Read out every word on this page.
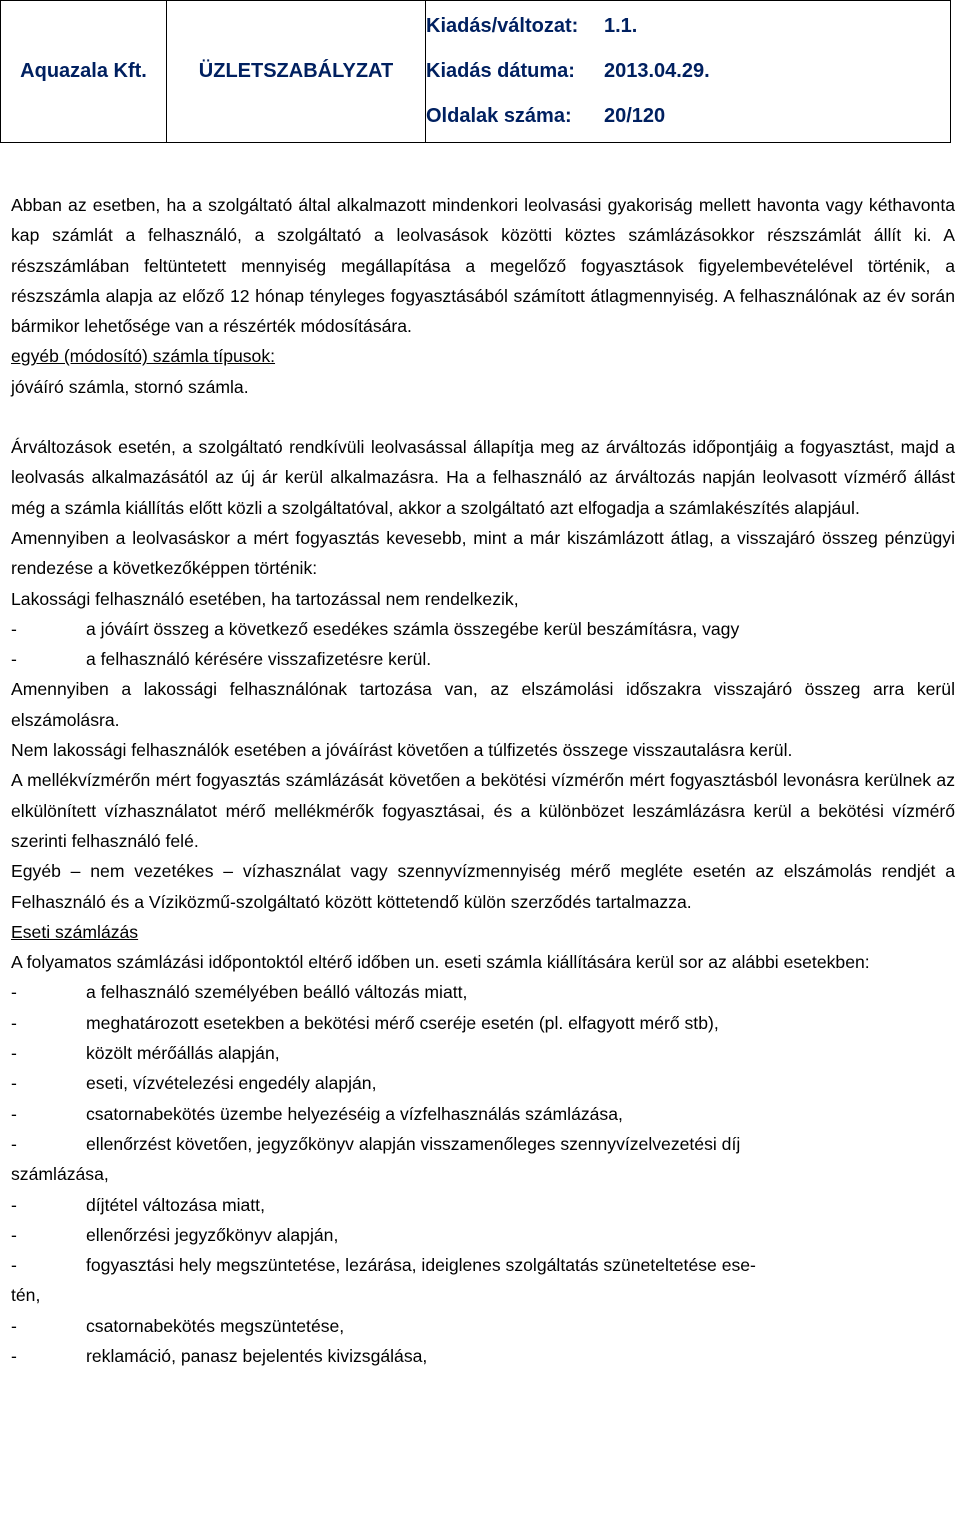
Aquazala Kft.	ÜZLETSZABÁLYZAT	
Kiadás/változat: 1.1.
Kiadás dátuma: 2013.04.29.
Oldalak száma: 20/120

Abban az esetben, ha a szolgáltató által alkalmazott mindenkori leolvasási gyakoriság mellett havonta vagy kéthavonta kap számlát a felhasználó, a szolgáltató a leolvasások közötti köztes számlázásokkor részszámlát állít ki. A részszámlában feltüntetett mennyiség megállapítása a megelőző fogyasztások figyelembevételével történik, a részszámla alapja az előző 12 hónap tényleges fogyasztásából számított átlagmennyiség. A felhasználónak az év során bármikor lehetősége van a részérték módosítására.

egyéb (módosító) számla típusok:

jóváíró számla, stornó számla.

Árváltozások esetén, a szolgáltató rendkívüli leolvasással állapítja meg az árváltozás időpontjáig a fogyasztást, majd a leolvasás alkalmazásától az új ár kerül alkalmazásra. Ha a felhasználó az árváltozás napján leolvasott vízmérő állást még a számla kiállítás előtt közli a szolgáltatóval, akkor a szolgáltató azt elfogadja a számlakészítés alapjául.

Amennyiben a leolvasáskor a mért fogyasztás kevesebb, mint a már kiszámlázott átlag, a visszajáró összeg pénzügyi rendezése a következőképpen történik:

Lakossági felhasználó esetében, ha tartozással nem rendelkezik,

-	a jóváírt összeg a következő esedékes számla összegébe kerül beszámításra, vagy
-	a felhasználó kérésére visszafizetésre kerül.

Amennyiben a lakossági felhasználónak tartozása van, az elszámolási időszakra visszajáró összeg arra kerül elszámolásra.

Nem lakossági felhasználók esetében a jóváírást követően a túlfizetés összege visszautalásra kerül.

A mellékvízmérőn mért fogyasztás számlázását követően a bekötési vízmérőn mért fogyasztásból levonásra kerülnek az elkülönített vízhasználatot mérő mellékmérők fogyasztásai, és a különbözet leszámlázásra kerül a bekötési vízmérő szerinti felhasználó felé.

Egyéb – nem vezetékes – vízhasználat vagy szennyvízmennyiség mérő megléte esetén az elszámolás rendjét a Felhasználó és a Víziközmű-szolgáltató között köttetendő külön szerződés tartalmazza.

Eseti számlázás

A folyamatos számlázási időpontoktól eltérő időben un. eseti számla kiállítására kerül sor az alábbi esetekben:

-	a felhasználó személyében beálló változás miatt,
-	meghatározott esetekben a bekötési mérő cseréje esetén (pl. elfagyott mérő stb),
-	közölt mérőállás alapján,
-	eseti, vízvételezési engedély alapján,
-	csatornabekötés üzembe helyezéséig a vízfelhasználás számlázása,
-	ellenőrzést követően, jegyzőkönyv alapján visszamenőleges szennyvízelvezetési díj
számlázása,
-	díjtétel változása miatt,
-	ellenőrzési jegyzőkönyv alapján,
-	fogyasztási hely megszüntetése, lezárása, ideiglenes szolgáltatás szüneteltetése ese-
tén,
-	csatornabekötés megszüntetése,
-	reklamáció, panasz bejelentés kivizsgálása,
